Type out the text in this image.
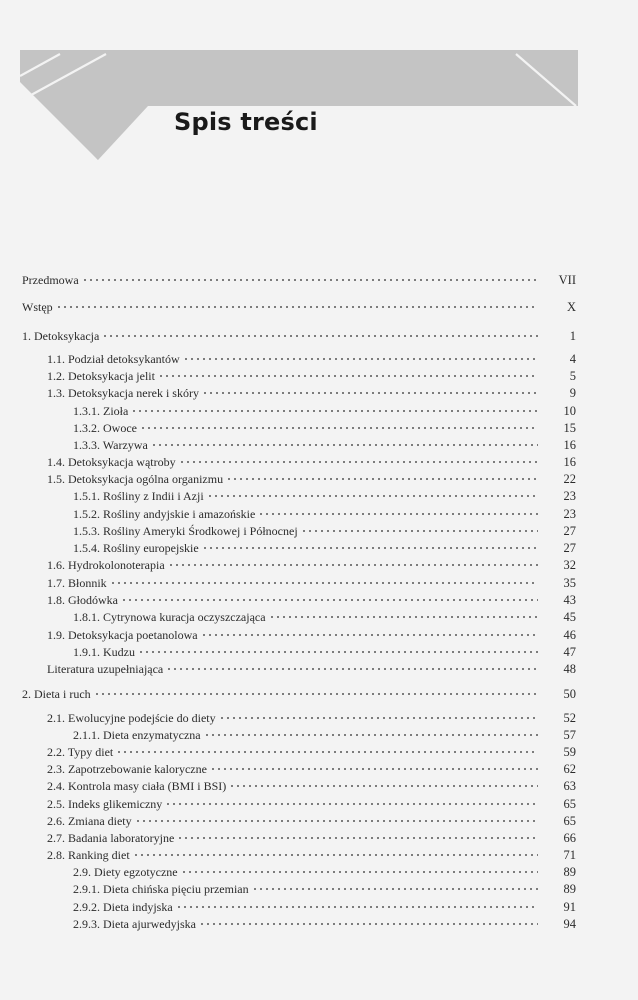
Spis treści
Przedmowa	VII
Wstęp	X
1. Detoksykacja	1
1.1. Podział detoksykantów	4
1.2. Detoksykacja jelit	5
1.3. Detoksykacja nerek i skóry	9
1.3.1. Zioła	10
1.3.2. Owoce	15
1.3.3. Warzywa	16
1.4. Detoksykacja wątroby	16
1.5. Detoksykacja ogólna organizmu	22
1.5.1. Rośliny z Indii i Azji	23
1.5.2. Rośliny andyjskie i amazońskie	23
1.5.3. Rośliny Ameryki Środkowej i Północnej	27
1.5.4. Rośliny europejskie	27
1.6. Hydrokolonoterapia	32
1.7. Błonnik	35
1.8. Głodówka	43
1.8.1. Cytrynowa kuracja oczyszczająca	45
1.9. Detoksykacja poetanolowa	46
1.9.1. Kudzu	47
Literatura uzupełniająca	48
2. Dieta i ruch	50
2.1. Ewolucyjne podejście do diety	52
2.1.1. Dieta enzymatyczna	57
2.2. Typy diet	59
2.3. Zapotrzebowanie kaloryczne	62
2.4. Kontrola masy ciała (BMI i BSI)	63
2.5. Indeks glikemiczny	65
2.6. Zmiana diety	65
2.7. Badania laboratoryjne	66
2.8. Ranking diet	71
2.9. Diety egzotyczne	89
2.9.1. Dieta chińska pięciu przemian	89
2.9.2. Dieta indyjska	91
2.9.3. Dieta ajurwedyjska	94
